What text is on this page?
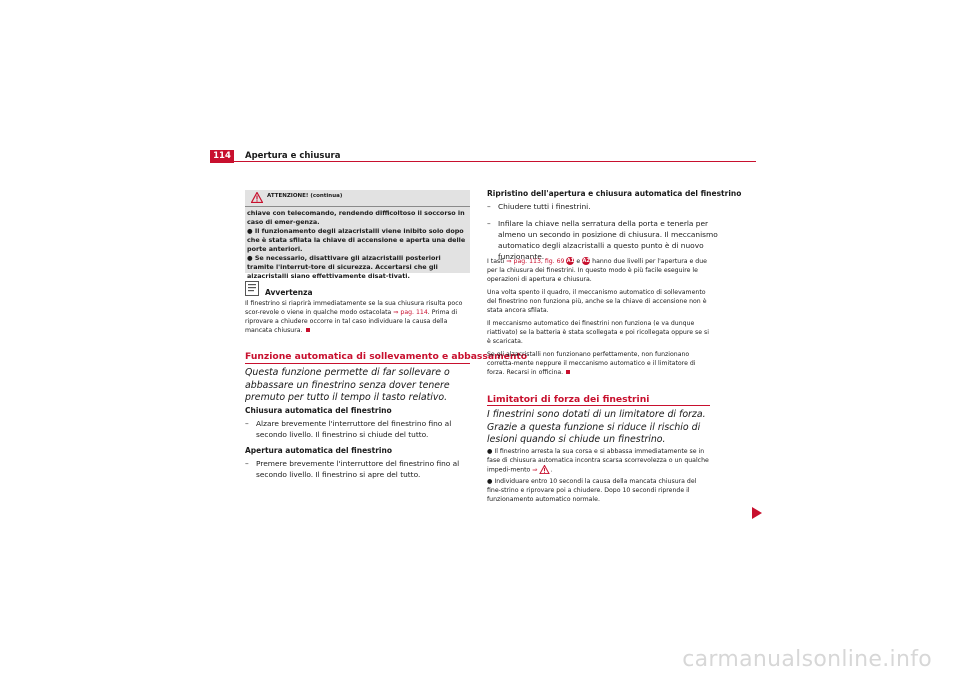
114	Apertura e chiusura
ATTENZIONE! (continua)

chiave con telecomando, rendendo difficoltoso il soccorso in caso di emer-genza.

● Il funzionamento degli alzacristalli viene inibito solo dopo che è stata sfilata la chiave di accensione e aperta una delle porte anteriori.

● Se necessario, disattivare gli alzacristalli posteriori tramite l'interrut-tore di sicurezza. Accertarsi che gli alzacristalli siano effettivamente disat-tivati.

Avvertenza
Il finestrino si riaprirà immediatamente se la sua chiusura risulta poco scor-revole o viene in qualche modo ostacolata ⇒ pag. 114. Prima di riprovare a chiudere occorre in tal caso individuare la causa della mancata chiusura.
Funzione automatica di sollevamento e abbassamento
Questa funzione permette di far sollevare o abbassare un finestrino senza dover tenere premuto per tutto il tempo il tasto relativo.
Chiusura automatica del finestrino
– Alzare brevemente l'interruttore del finestrino fino al secondo livello. Il finestrino si chiude del tutto.
Apertura automatica del finestrino
– Premere brevemente l'interruttore del finestrino fino al secondo livello. Il finestrino si apre del tutto.
Ripristino dell'apertura e chiusura automatica del finestrino
– Chiudere tutti i finestrini.
– Infilare la chiave nella serratura della porta e tenerla per almeno un secondo in posizione di chiusura. Il meccanismo automatico degli alzacristalli a questo punto è di nuovo funzionante.

I tasti ⇒ pag. 113, fig. 69 A1 e A2 hanno due livelli per l'apertura e due per la chiusura dei finestrini. In questo modo è più facile eseguire le operazioni di apertura e chiusura.

Una volta spento il quadro, il meccanismo automatico di sollevamento del finestrino non funziona più, anche se la chiave di accensione non è stata ancora sfilata.

Il meccanismo automatico dei finestrini non funziona (e va dunque riattivato) se la batteria è stata scollegata e poi ricollegata oppure se si è scaricata.

Se gli alzacristalli non funzionano perfettamente, non funzionano corretta-mente neppure il meccanismo automatico e il limitatore di forza. Recarsi in officina.

Limitatori di forza dei finestrini
I finestrini sono dotati di un limitatore di forza. Grazie a questa funzione si riduce il rischio di lesioni quando si chiude un finestrino.
● Il finestrino arresta la sua corsa e si abbassa immediatamente se in fase di chiusura automatica incontra scarsa scorrevolezza o un qualche impedi-mento ⇒ .
● Individuare entro 10 secondi la causa della mancata chiusura del fine-strino e riprovare poi a chiudere. Dopo 10 secondi riprende il funzionamento automatico normale.
carmanualsonline.info
